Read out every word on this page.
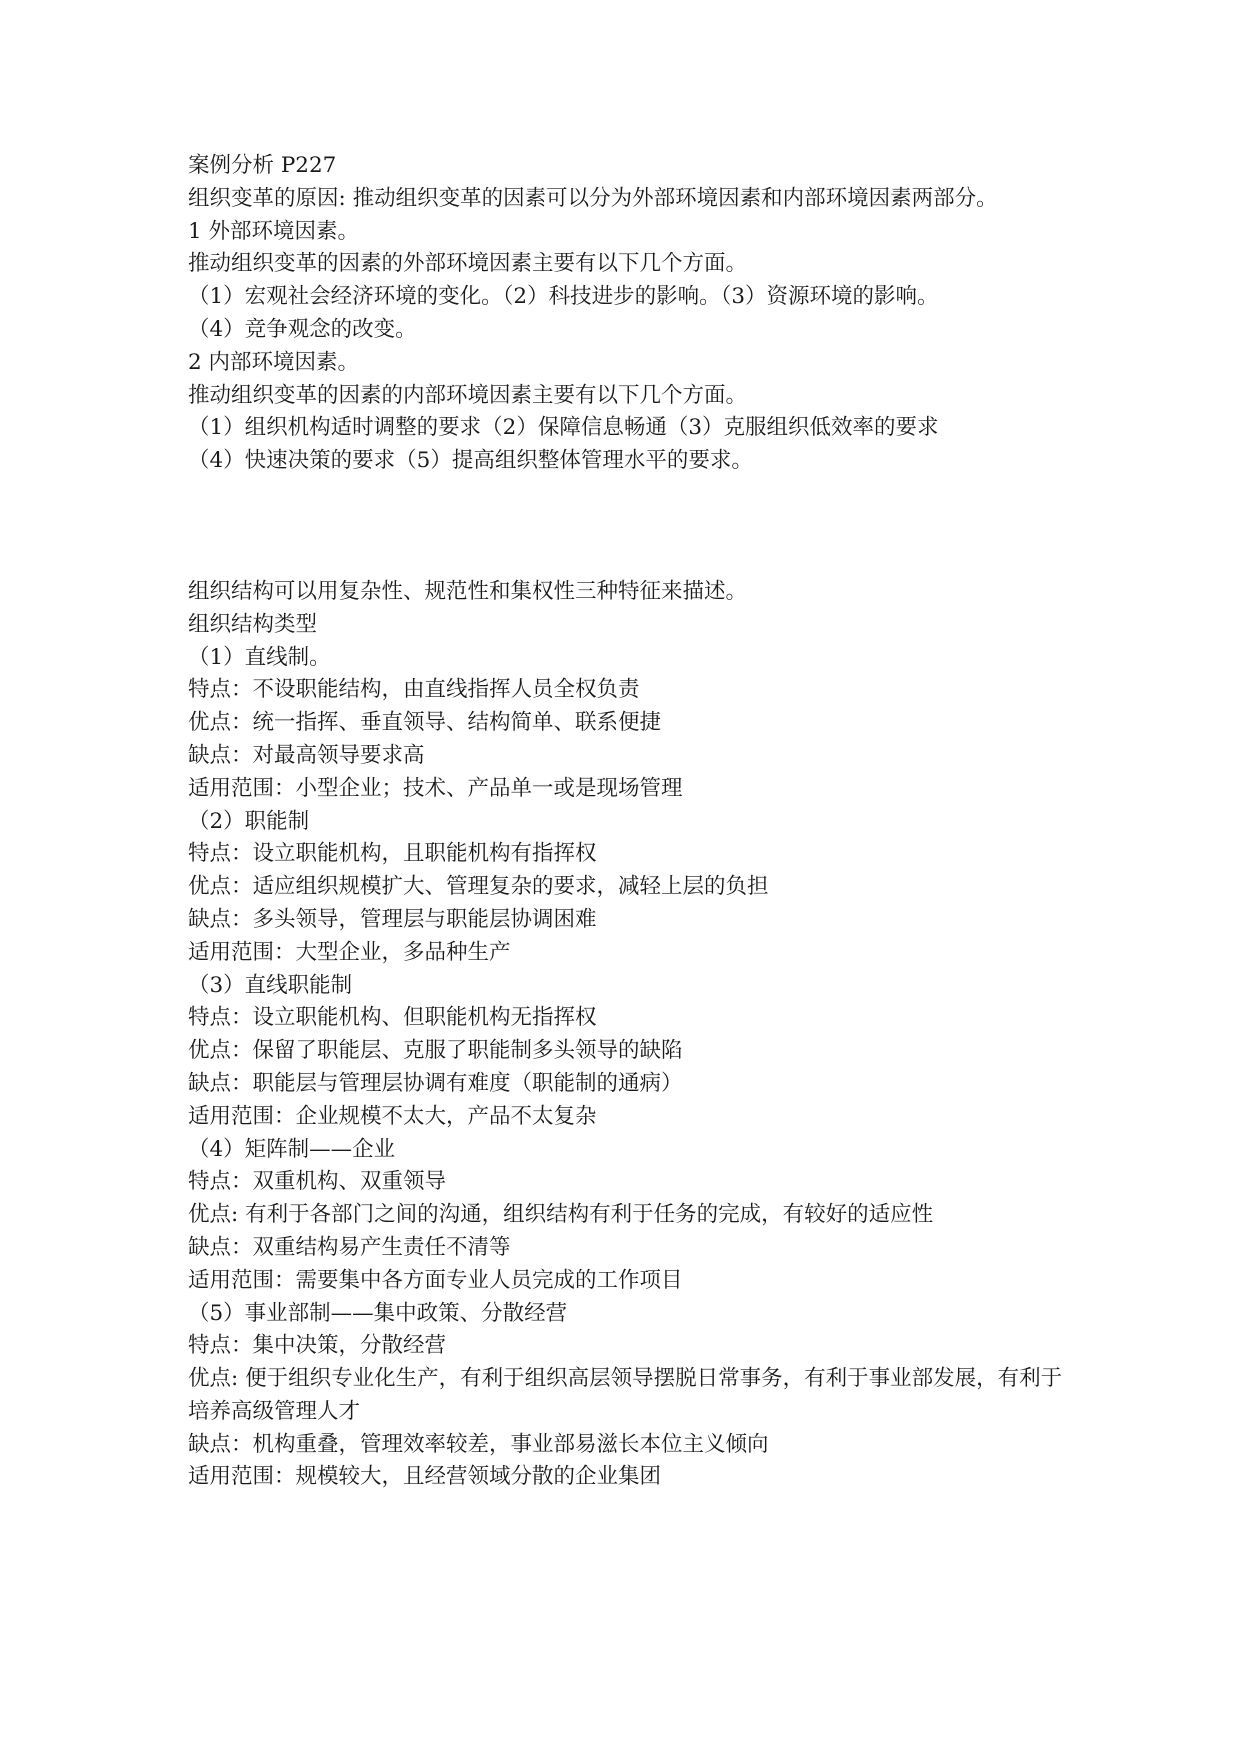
案例分析 P227
组织变革的原因: 推动组织变革的因素可以分为外部环境因素和内部环境因素两部分。
1 外部环境因素。
推动组织变革的因素的外部环境因素主要有以下几个方面。
（1）宏观社会经济环境的变化。（2）科技进步的影响。（3）资源环境的影响。
（4）竞争观念的改变。
2 内部环境因素。
推动组织变革的因素的内部环境因素主要有以下几个方面。
（1）组织机构适时调整的要求（2）保障信息畅通（3）克服组织低效率的要求
（4）快速决策的要求（5）提高组织整体管理水平的要求。
组织结构可以用复杂性、规范性和集权性三种特征来描述。
组织结构类型
（1）直线制。
特点：不设职能结构，由直线指挥人员全权负责
优点：统一指挥、垂直领导、结构简单、联系便捷
缺点：对最高领导要求高
适用范围：小型企业；技术、产品单一或是现场管理
（2）职能制
特点：设立职能机构，且职能机构有指挥权
优点：适应组织规模扩大、管理复杂的要求，减轻上层的负担
缺点：多头领导，管理层与职能层协调困难
适用范围：大型企业，多品种生产
（3）直线职能制
特点：设立职能机构、但职能机构无指挥权
优点：保留了职能层、克服了职能制多头领导的缺陷
缺点：职能层与管理层协调有难度（职能制的通病）
适用范围：企业规模不太大，产品不太复杂
（4）矩阵制——企业
特点：双重机构、双重领导
优点: 有利于各部门之间的沟通，组织结构有利于任务的完成，有较好的适应性
缺点：双重结构易产生责任不清等
适用范围：需要集中各方面专业人员完成的工作项目
（5）事业部制——集中政策、分散经营
特点：集中决策，分散经营
优点: 便于组织专业化生产，有利于组织高层领导摆脱日常事务，有利于事业部发展，有利于培养高级管理人才
缺点：机构重叠，管理效率较差，事业部易滋长本位主义倾向
适用范围：规模较大，且经营领域分散的企业集团
